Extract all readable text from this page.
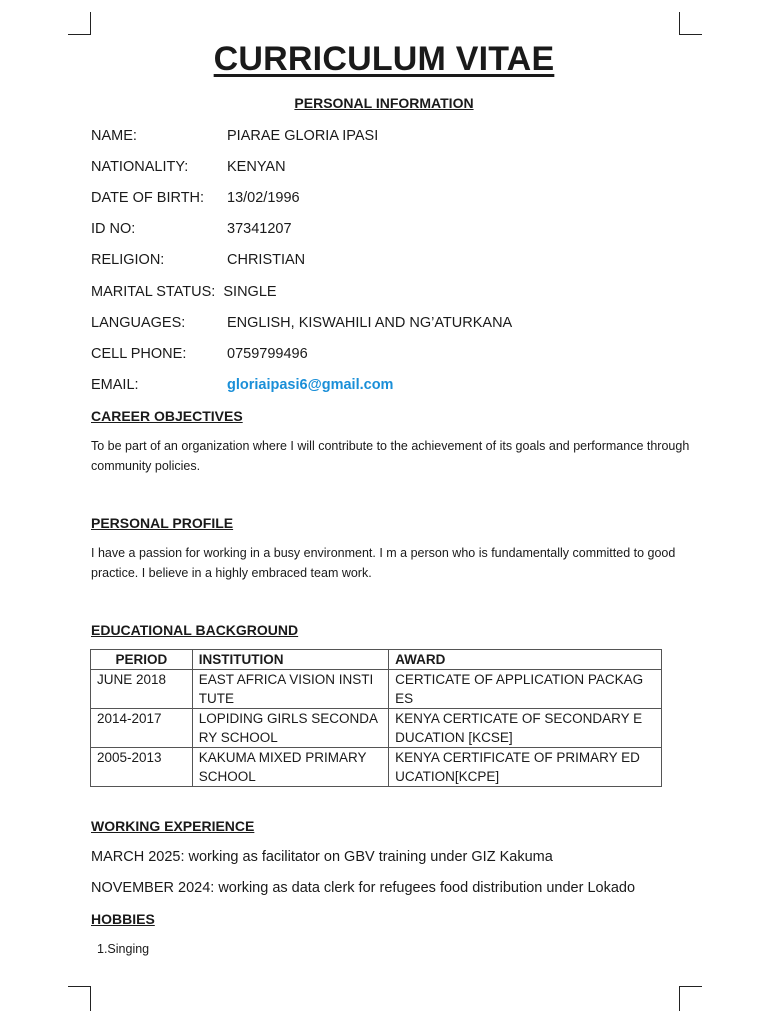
CURRICULUM VITAE
PERSONAL INFORMATION
NAME:	PIARAE GLORIA IPASI
NATIONALITY:	KENYAN
DATE OF BIRTH: 13/02/1996
ID NO:	37341207
RELIGION:	CHRISTIAN
MARITAL STATUS: SINGLE
LANGUAGES:	ENGLISH, KISWAHILI AND NG’ATURKANA
CELL PHONE:	0759799496
EMAIL:	gloriaipasi6@gmail.com
CAREER OBJECTIVES
To be part of an organization where I will contribute to the achievement of its goals and performance through community policies.
PERSONAL PROFILE
I have a passion for working in a busy environment. I m a person who is fundamentally committed to good practice. I believe in a highly embraced team work.
EDUCATIONAL BACKGROUND
PERIOD	INSTITUTION	AWARD
JUNE 2018	EAST AFRICA VISION INSTI TUTE	CERTICATE OF APPLICATION PACKAG ES
2014-2017	LOPIDING GIRLS SECONDA RY SCHOOL	KENYA CERTICATE OF SECONDARY E DUCATION [KCSE]
2005-2013	KAKUMA MIXED PRIMARY SCHOOL	KENYA CERTIFICATE OF PRIMARY ED UCATION[KCPE]
WORKING EXPERIENCE
MARCH 2025: working as facilitator on GBV training under GIZ Kakuma
NOVEMBER 2024: working as data clerk for refugees food distribution under Lokado
HOBBIES
1.Singing
